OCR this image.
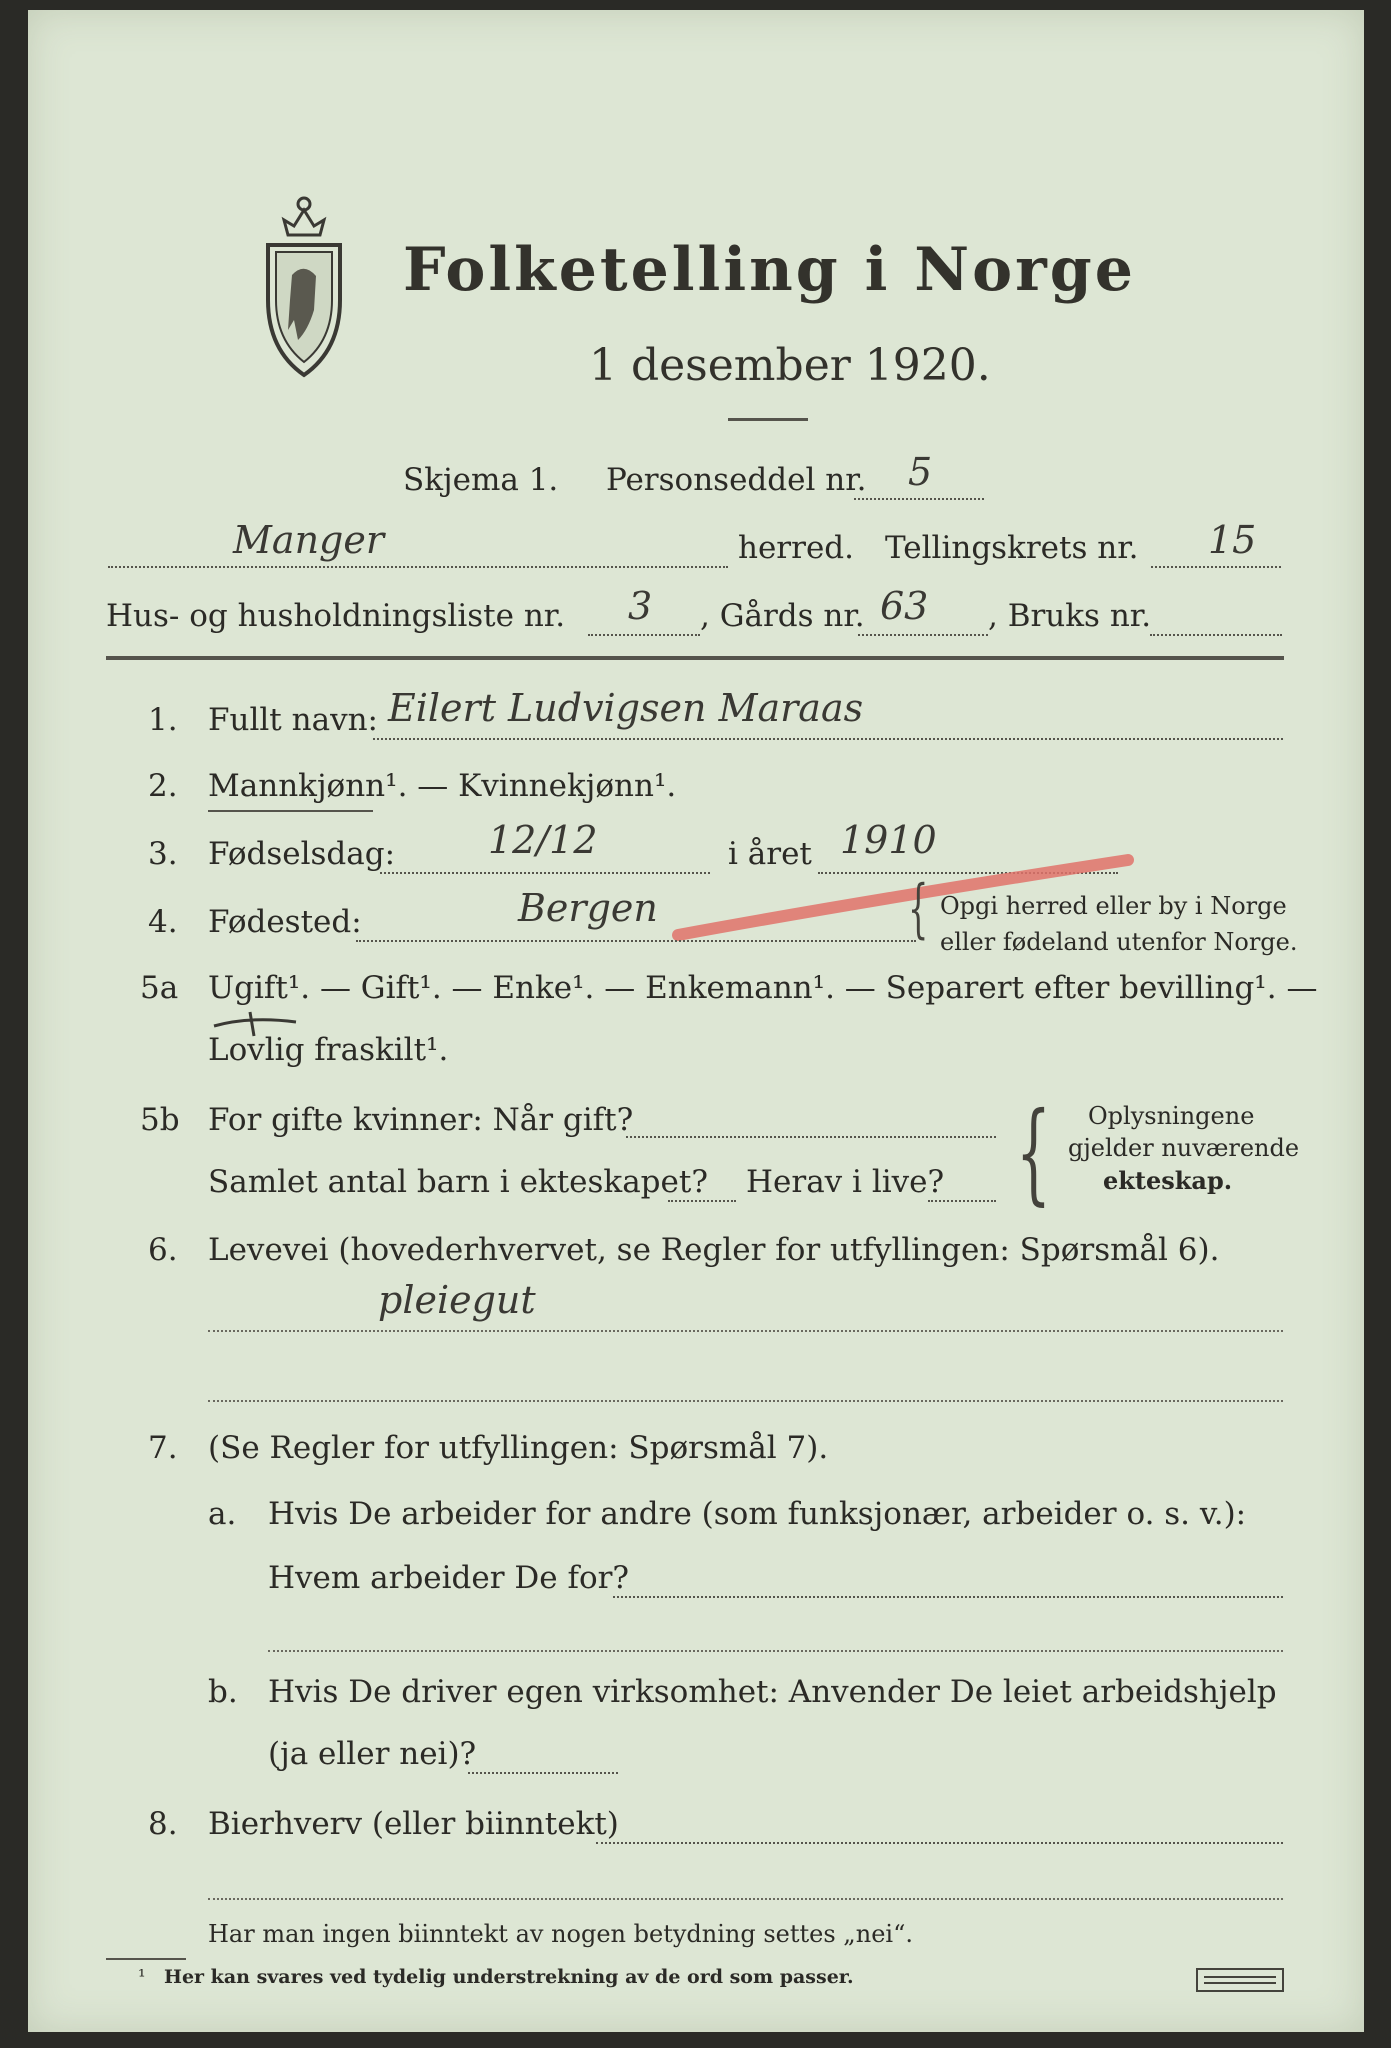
Folketelling i Norge
1 desember 1920.
Skjema 1. Personseddel nr. 5
Manger	herred. Tellingskrets nr. 15
Hus- og husholdningsliste nr. 3 , Gårds nr. 63 , Bruks nr.
1. Fullt navn: Eilert Ludvigsen Maraas
2. Mannkjønn¹. — Kvinnekjønn¹.
3. Fødselsdag: 12/12	i året 1910
4. Fødested:	Bergen	{ Opgi herred eller by i Norge
eller fødeland utenfor Norge.
5a Ugift¹. — Gift¹. — Enke¹. — Enkemann¹. — Separert efter bevilling¹. —
Lovlig fraskilt¹.
5b For gifte kvinner: Når gift?
Samlet antal barn i ekteskapet? Herav i live? { Oplysningene
gjelder nuværende
ekteskap.
6. Levevei (hovederhvervet, se Regler for utfyllingen: Spørsmål 6).
pleiegut
7. (Se Regler for utfyllingen: Spørsmål 7).
a. Hvis De arbeider for andre (som funksjonær, arbeider o. s. v.):
Hvem arbeider De for?
b. Hvis De driver egen virksomhet: Anvender De leiet arbeidshjelp
(ja eller nei)?
8. Bierhverv (eller biinntekt)
Har man ingen biinntekt av nogen betydning settes „nei“.
¹ Her kan svares ved tydelig understrekning av de ord som passer.
